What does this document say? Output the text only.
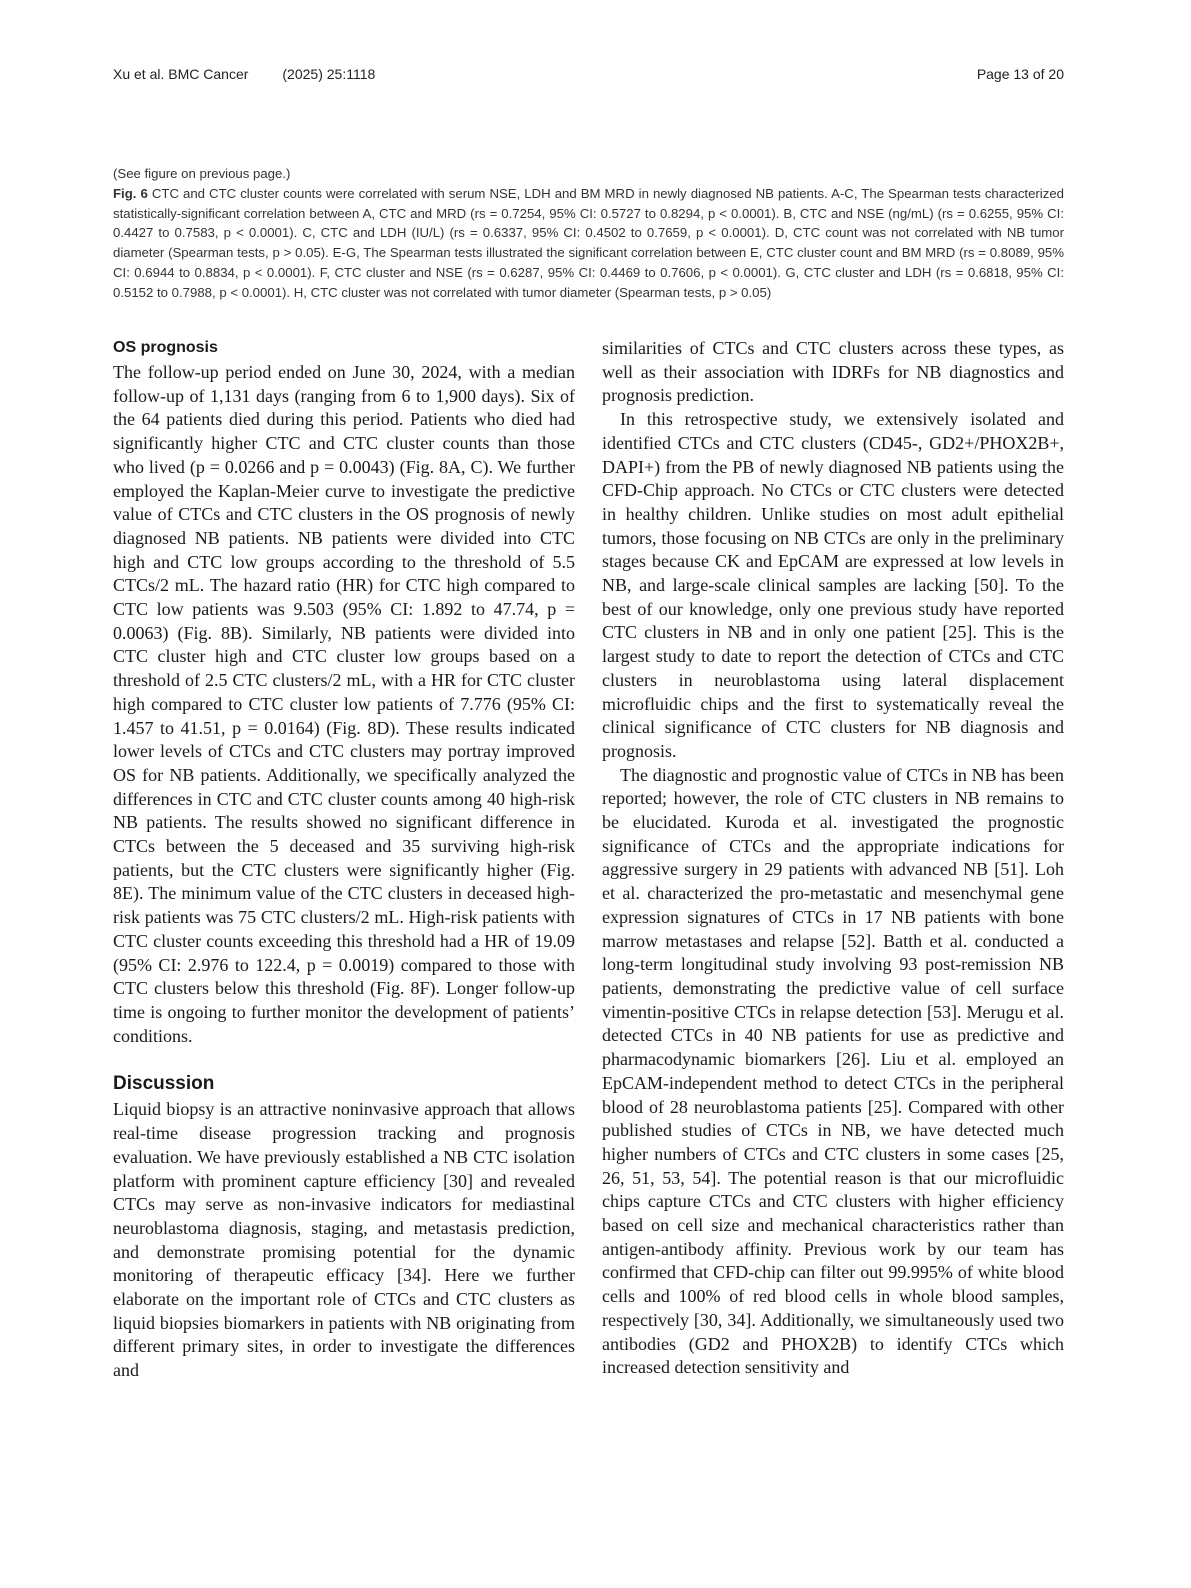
Xu et al. BMC Cancer (2025) 25:1118	Page 13 of 20

(See figure on previous page.)

Fig. 6 CTC and CTC cluster counts were correlated with serum NSE, LDH and BM MRD in newly diagnosed NB patients. A-C, The Spearman tests characterized statistically-significant correlation between A, CTC and MRD (rs = 0.7254, 95% CI: 0.5727 to 0.8294, p < 0.0001). B, CTC and NSE (ng/mL) (rs = 0.6255, 95% CI: 0.4427 to 0.7583, p < 0.0001). C, CTC and LDH (IU/L) (rs = 0.6337, 95% CI: 0.4502 to 0.7659, p < 0.0001). D, CTC count was not correlated with NB tumor diameter (Spearman tests, p > 0.05). E-G, The Spearman tests illustrated the significant correlation between E, CTC cluster count and BM MRD (rs = 0.8089, 95% CI: 0.6944 to 0.8834, p < 0.0001). F, CTC cluster and NSE (rs = 0.6287, 95% CI: 0.4469 to 0.7606, p < 0.0001). G, CTC cluster and LDH (rs = 0.6818, 95% CI: 0.5152 to 0.7988, p < 0.0001). H, CTC cluster was not correlated with tumor diameter (Spearman tests, p > 0.05)

OS prognosis

The follow-up period ended on June 30, 2024, with a median follow-up of 1,131 days (ranging from 6 to 1,900 days). Six of the 64 patients died during this period. Patients who died had significantly higher CTC and CTC cluster counts than those who lived (p = 0.0266 and p = 0.0043) (Fig. 8A, C). We further employed the Kaplan-Meier curve to investigate the predictive value of CTCs and CTC clusters in the OS prognosis of newly diagnosed NB patients. NB patients were divided into CTC high and CTC low groups according to the threshold of 5.5 CTCs/2 mL. The hazard ratio (HR) for CTC high compared to CTC low patients was 9.503 (95% CI: 1.892 to 47.74, p = 0.0063) (Fig. 8B). Similarly, NB patients were divided into CTC cluster high and CTC cluster low groups based on a threshold of 2.5 CTC clusters/2 mL, with a HR for CTC cluster high compared to CTC cluster low patients of 7.776 (95% CI: 1.457 to 41.51, p = 0.0164) (Fig. 8D). These results indicated lower levels of CTCs and CTC clusters may portray improved OS for NB patients. Additionally, we specifically analyzed the differences in CTC and CTC cluster counts among 40 high-risk NB patients. The results showed no significant difference in CTCs between the 5 deceased and 35 surviving high-risk patients, but the CTC clusters were significantly higher (Fig. 8E). The minimum value of the CTC clusters in deceased high-risk patients was 75 CTC clusters/2 mL. High-risk patients with CTC cluster counts exceeding this threshold had a HR of 19.09 (95% CI: 2.976 to 122.4, p = 0.0019) compared to those with CTC clusters below this threshold (Fig. 8F). Longer follow-up time is ongoing to further monitor the development of patients’ conditions.

Discussion

Liquid biopsy is an attractive noninvasive approach that allows real-time disease progression tracking and prognosis evaluation. We have previously established a NB CTC isolation platform with prominent capture efficiency [30] and revealed CTCs may serve as non-invasive indicators for mediastinal neuroblastoma diagnosis, staging, and metastasis prediction, and demonstrate promising potential for the dynamic monitoring of therapeutic efficacy [34]. Here we further elaborate on the important role of CTCs and CTC clusters as liquid biopsies biomarkers in patients with NB originating from different primary sites, in order to investigate the differences and

similarities of CTCs and CTC clusters across these types, as well as their association with IDRFs for NB diagnostics and prognosis prediction.

In this retrospective study, we extensively isolated and identified CTCs and CTC clusters (CD45-, GD2+/PHOX2B+, DAPI+) from the PB of newly diagnosed NB patients using the CFD-Chip approach. No CTCs or CTC clusters were detected in healthy children. Unlike studies on most adult epithelial tumors, those focusing on NB CTCs are only in the preliminary stages because CK and EpCAM are expressed at low levels in NB, and large-scale clinical samples are lacking [50]. To the best of our knowledge, only one previous study have reported CTC clusters in NB and in only one patient [25]. This is the largest study to date to report the detection of CTCs and CTC clusters in neuroblastoma using lateral displacement microfluidic chips and the first to systematically reveal the clinical significance of CTC clusters for NB diagnosis and prognosis.

The diagnostic and prognostic value of CTCs in NB has been reported; however, the role of CTC clusters in NB remains to be elucidated. Kuroda et al. investigated the prognostic significance of CTCs and the appropriate indications for aggressive surgery in 29 patients with advanced NB [51]. Loh et al. characterized the pro-metastatic and mesenchymal gene expression signatures of CTCs in 17 NB patients with bone marrow metastases and relapse [52]. Batth et al. conducted a long-term longitudinal study involving 93 post-remission NB patients, demonstrating the predictive value of cell surface vimentin-positive CTCs in relapse detection [53]. Merugu et al. detected CTCs in 40 NB patients for use as predictive and pharmacodynamic biomarkers [26]. Liu et al. employed an EpCAM-independent method to detect CTCs in the peripheral blood of 28 neuroblastoma patients [25]. Compared with other published studies of CTCs in NB, we have detected much higher numbers of CTCs and CTC clusters in some cases [25, 26, 51, 53, 54]. The potential reason is that our microfluidic chips capture CTCs and CTC clusters with higher efficiency based on cell size and mechanical characteristics rather than antigen-antibody affinity. Previous work by our team has confirmed that CFD-chip can filter out 99.995% of white blood cells and 100% of red blood cells in whole blood samples, respectively [30, 34]. Additionally, we simultaneously used two antibodies (GD2 and PHOX2B) to identify CTCs which increased detection sensitivity and
